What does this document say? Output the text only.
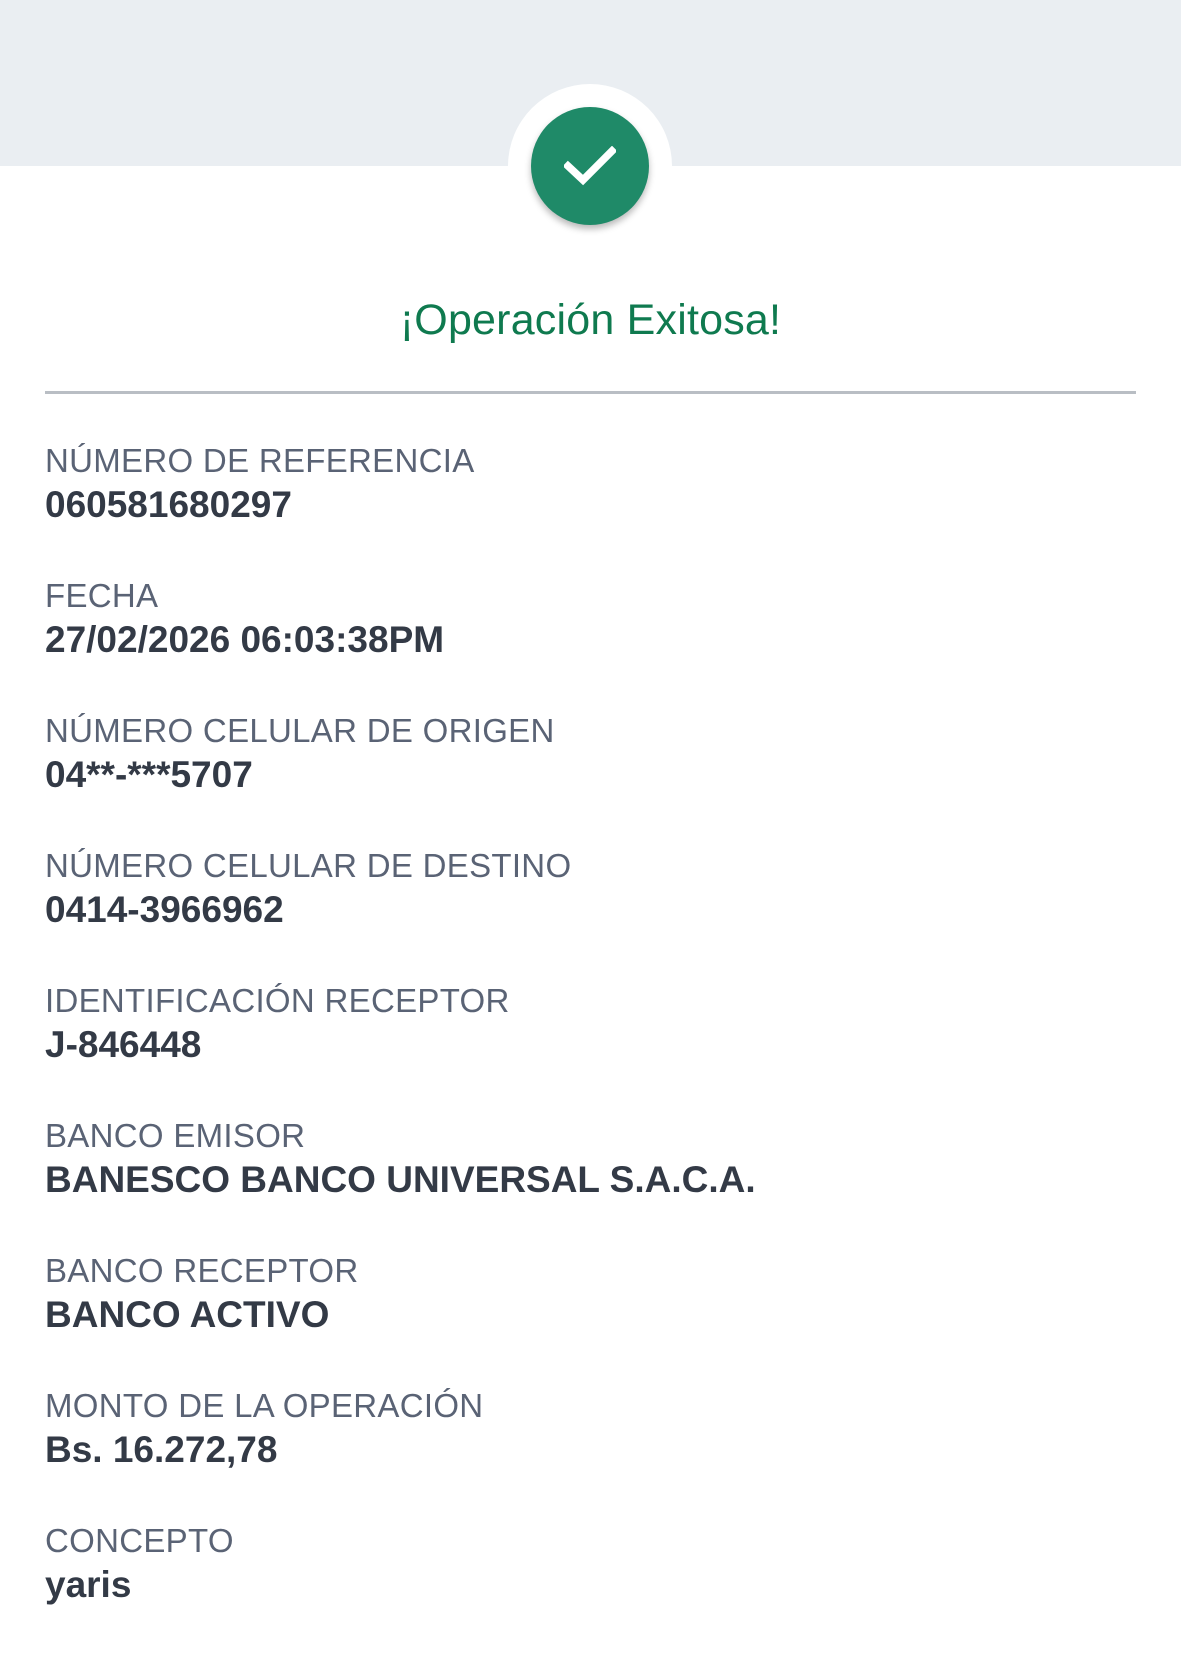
¡Operación Exitosa!
NÚMERO DE REFERENCIA
060581680297
FECHA
27/02/2026 06:03:38PM
NÚMERO CELULAR DE ORIGEN
04**-***5707
NÚMERO CELULAR DE DESTINO
0414-3966962
IDENTIFICACIÓN RECEPTOR
J-846448
BANCO EMISOR
BANESCO BANCO UNIVERSAL S.A.C.A.
BANCO RECEPTOR
BANCO ACTIVO
MONTO DE LA OPERACIÓN
Bs. 16.272,78
CONCEPTO
yaris
